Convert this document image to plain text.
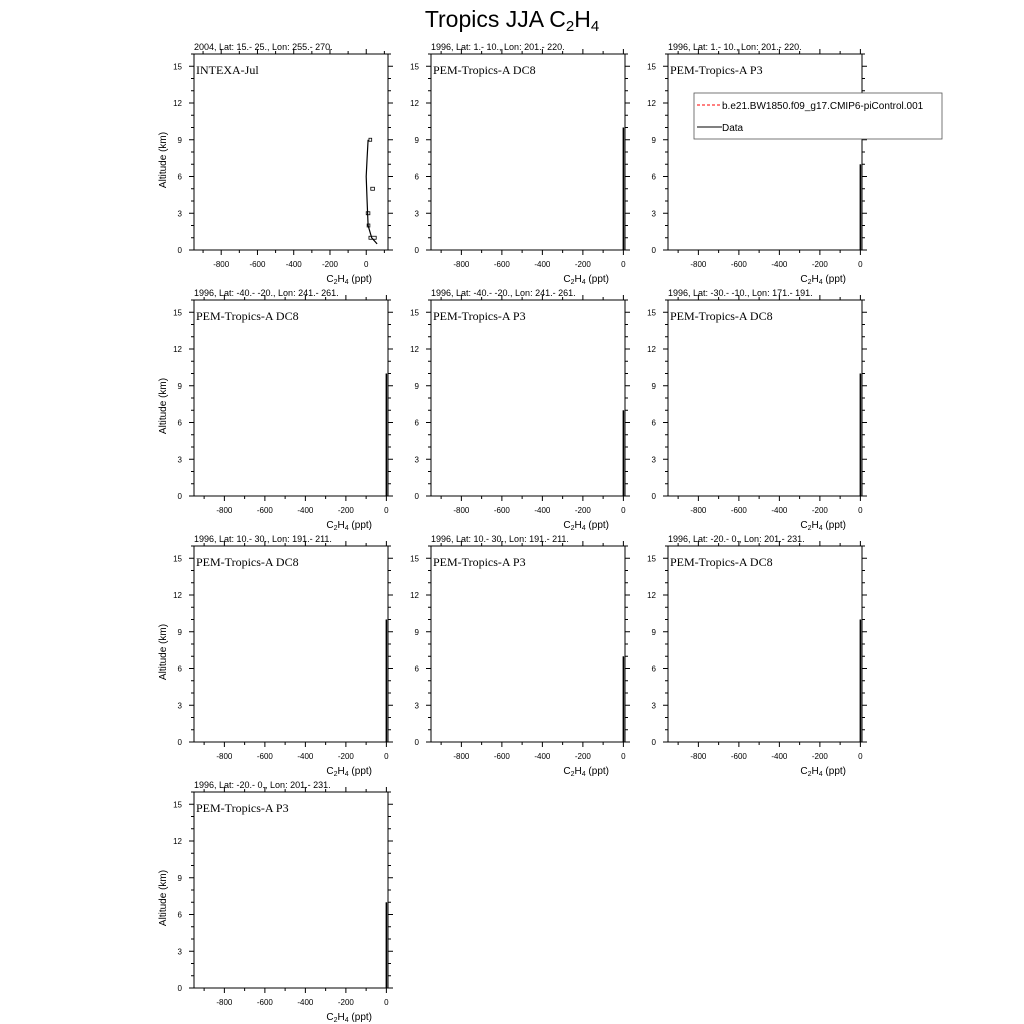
Tropics JJA $C_2H_4$
-800	-600	-400	-200	0
0
3
6
9
12
15
2004, Lat: 15.- 25., Lon: 255.- 270.
INTEXA-Jul
$C_2H_4$ (ppt)
Altitude (km)
-800	-600	-400	-200	0
0
3
6
9
12
15
1996, Lat: 1.- 10., Lon: 201.- 220.
PEM-Tropics-A DC8
$C_2H_4$ (ppt)
-800	-600	-400	-200	0
0
3
6
9
12
15
1996, Lat: 1.- 10., Lon: 201.- 220.
PEM-Tropics-A P3
$C_2H_4$ (ppt)
-800	-600	-400	-200	0
0
3
6
9
12
15
1996, Lat: -40.- -20., Lon: 241.- 261.
PEM-Tropics-A DC8
$C_2H_4$ (ppt)
Altitude (km)
-800	-600	-400	-200	0
0
3
6
9
12
15
1996, Lat: -40.- -20., Lon: 241.- 261.
PEM-Tropics-A P3
$C_2H_4$ (ppt)
-800	-600	-400	-200	0
0
3
6
9
12
15
1996, Lat: -30.- -10., Lon: 171.- 191.
PEM-Tropics-A DC8
$C_2H_4$ (ppt)
-800	-600	-400	-200	0
0
3
6
9
12
15
1996, Lat: 10.- 30., Lon: 191.- 211.
PEM-Tropics-A DC8
$C_2H_4$ (ppt)
Altitude (km)
-800	-600	-400	-200	0
0
3
6
9
12
15
1996, Lat: 10.- 30., Lon: 191.- 211.
PEM-Tropics-A P3
$C_2H_4$ (ppt)
-800	-600	-400	-200	0
0
3
6
9
12
15
1996, Lat: -20.- 0., Lon: 201.- 231.
PEM-Tropics-A DC8
$C_2H_4$ (ppt)
-800	-600	-400	-200	0
0
3
6
9
12
15
1996, Lat: -20.- 0., Lon: 201.- 231.
PEM-Tropics-A P3
$C_2H_4$ (ppt)
Altitude (km)
b.e21.BW1850.f09_g17.CMIP6-piControl.001
Data
